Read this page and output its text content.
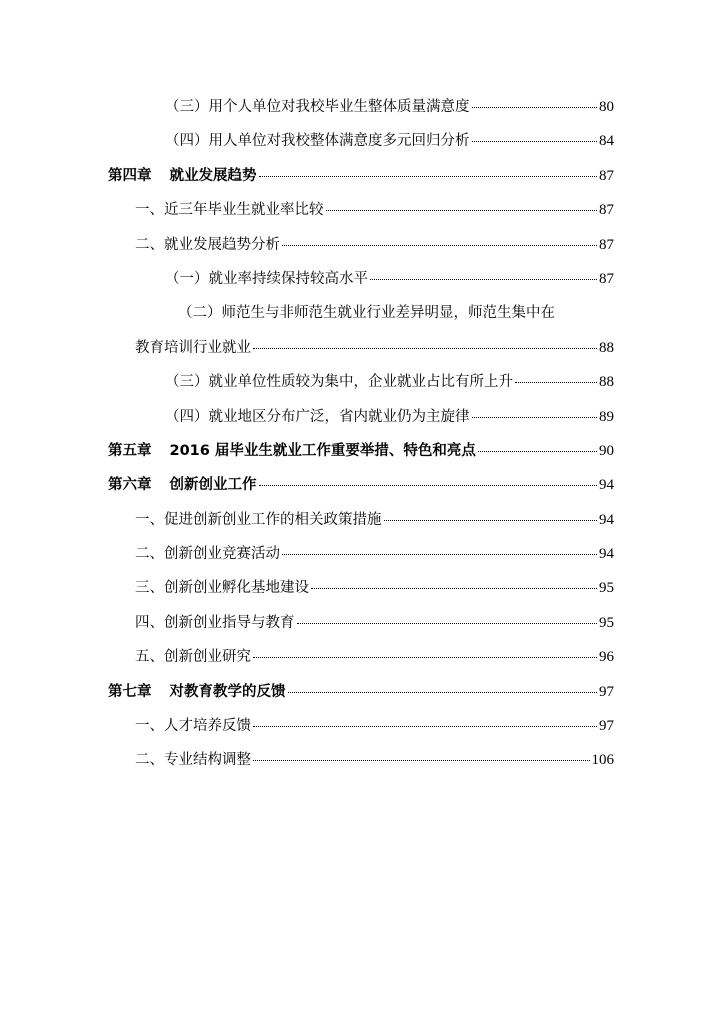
（三）用个人单位对我校毕业生整体质量满意度	80
（四）用人单位对我校整体满意度多元回归分析	84
第四章 就业发展趋势	87
一、近三年毕业生就业率比较	87
二、就业发展趋势分析	87
（一）就业率持续保持较高水平	87
（二）师范生与非师范生就业行业差异明显，师范生集中在
教育培训行业就业	88
（三）就业单位性质较为集中，企业就业占比有所上升	88
（四）就业地区分布广泛，省内就业仍为主旋律	89
第五章 2016 届毕业生就业工作重要举措、特色和亮点	90
第六章 创新创业工作	94
一、促进创新创业工作的相关政策措施	94
二、创新创业竞赛活动	94
三、创新创业孵化基地建设	95
四、创新创业指导与教育	95
五、创新创业研究	96
第七章 对教育教学的反馈	97
一、人才培养反馈	97
二、专业结构调整	106
